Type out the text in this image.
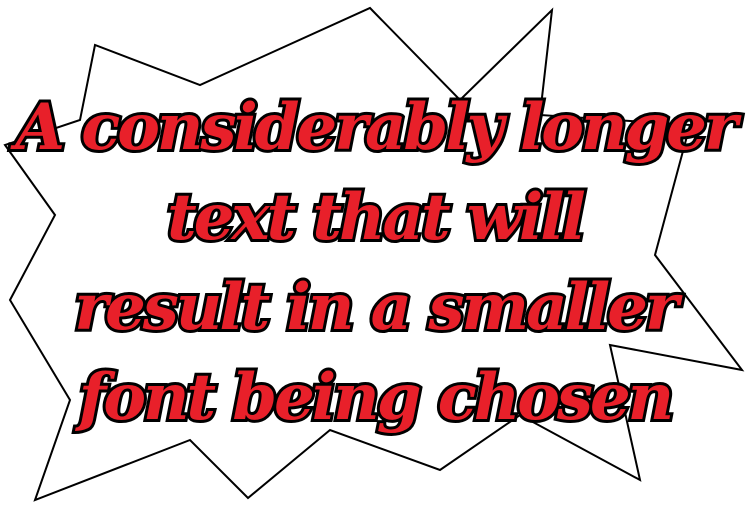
A considerably longer
text that will
result in a smaller
font being chosen
